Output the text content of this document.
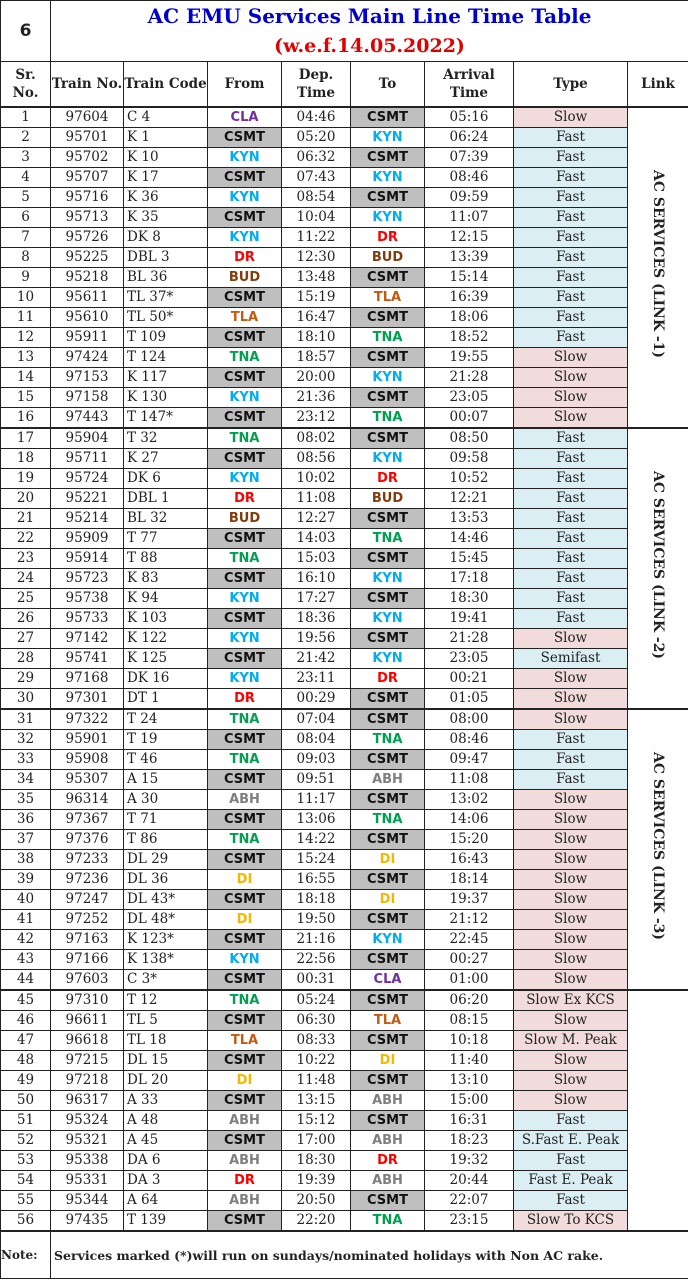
6	AC EMU Services Main Line Time Table							
	(w.e.f.14.05.2022)							
Sr. No.	Train No.	Train Code	From	Dep. Time	To	Arrival Time	Type	Link
1	97604	C 4	CLA	04:46	CSMT	05:16	Slow	AC SERVICES (LINK -1)
2	95701	K 1	CSMT	05:20	KYN	06:24	Fast	
3	95702	K 10	KYN	06:32	CSMT	07:39	Fast	
4	95707	K 17	CSMT	07:43	KYN	08:46	Fast	
5	95716	K 36	KYN	08:54	CSMT	09:59	Fast	
6	95713	K 35	CSMT	10:04	KYN	11:07	Fast	
7	95726	DK 8	KYN	11:22	DR	12:15	Fast	
8	95225	DBL 3	DR	12:30	BUD	13:39	Fast	
9	95218	BL 36	BUD	13:48	CSMT	15:14	Fast	
10	95611	TL 37*	CSMT	15:19	TLA	16:39	Fast	
11	95610	TL 50*	TLA	16:47	CSMT	18:06	Fast	
12	95911	T 109	CSMT	18:10	TNA	18:52	Fast	
13	97424	T 124	TNA	18:57	CSMT	19:55	Slow	
14	97153	K 117	CSMT	20:00	KYN	21:28	Slow	
15	97158	K 130	KYN	21:36	CSMT	23:05	Slow	
16	97443	T 147*	CSMT	23:12	TNA	00:07	Slow	
17	95904	T 32	TNA	08:02	CSMT	08:50	Fast	AC SERVICES (LINK -2)
18	95711	K 27	CSMT	08:56	KYN	09:58	Fast	
19	95724	DK 6	KYN	10:02	DR	10:52	Fast	
20	95221	DBL 1	DR	11:08	BUD	12:21	Fast	
21	95214	BL 32	BUD	12:27	CSMT	13:53	Fast	
22	95909	T 77	CSMT	14:03	TNA	14:46	Fast	
23	95914	T 88	TNA	15:03	CSMT	15:45	Fast	
24	95723	K 83	CSMT	16:10	KYN	17:18	Fast	
25	95738	K 94	KYN	17:27	CSMT	18:30	Fast	
26	95733	K 103	CSMT	18:36	KYN	19:41	Fast	
27	97142	K 122	KYN	19:56	CSMT	21:28	Slow	
28	95741	K 125	CSMT	21:42	KYN	23:05	Semifast	
29	97168	DK 16	KYN	23:11	DR	00:21	Slow	
30	97301	DT 1	DR	00:29	CSMT	01:05	Slow	
31	97322	T 24	TNA	07:04	CSMT	08:00	Slow	AC SERVICES (LINK -3)
32	95901	T 19	CSMT	08:04	TNA	08:46	Fast	
33	95908	T 46	TNA	09:03	CSMT	09:47	Fast	
34	95307	A 15	CSMT	09:51	ABH	11:08	Fast	
35	96314	A 30	ABH	11:17	CSMT	13:02	Slow	
36	97367	T 71	CSMT	13:06	TNA	14:06	Slow	
37	97376	T 86	TNA	14:22	CSMT	15:20	Slow	
38	97233	DL 29	CSMT	15:24	DI	16:43	Slow	
39	97236	DL 36	DI	16:55	CSMT	18:14	Slow	
40	97247	DL 43*	CSMT	18:18	DI	19:37	Slow	
41	97252	DL 48*	DI	19:50	CSMT	21:12	Slow	
42	97163	K 123*	CSMT	21:16	KYN	22:45	Slow	
43	97166	K 138*	KYN	22:56	CSMT	00:27	Slow	
44	97603	C 3*	CSMT	00:31	CLA	01:00	Slow	
45	97310	T 12	TNA	05:24	CSMT	06:20	Slow Ex KCS	
46	96611	TL 5	CSMT	06:30	TLA	08:15	Slow	
47	96618	TL 18	TLA	08:33	CSMT	10:18	Slow M. Peak	
48	97215	DL 15	CSMT	10:22	DI	11:40	Slow	
49	97218	DL 20	DI	11:48	CSMT	13:10	Slow	
50	96317	A 33	CSMT	13:15	ABH	15:00	Slow	
51	95324	A 48	ABH	15:12	CSMT	16:31	Fast	
52	95321	A 45	CSMT	17:00	ABH	18:23	S.Fast E. Peak	
53	95338	DA 6	ABH	18:30	DR	19:32	Fast	
54	95331	DA 3	DR	19:39	ABH	20:44	Fast E. Peak	
55	95344	A 64	ABH	20:50	CSMT	22:07	Fast	
56	97435	T 139	CSMT	22:20	TNA	23:15	Slow To KCS	
Note:	Services marked (*)will run on sundays/nominated holidays with Non AC rake.							
